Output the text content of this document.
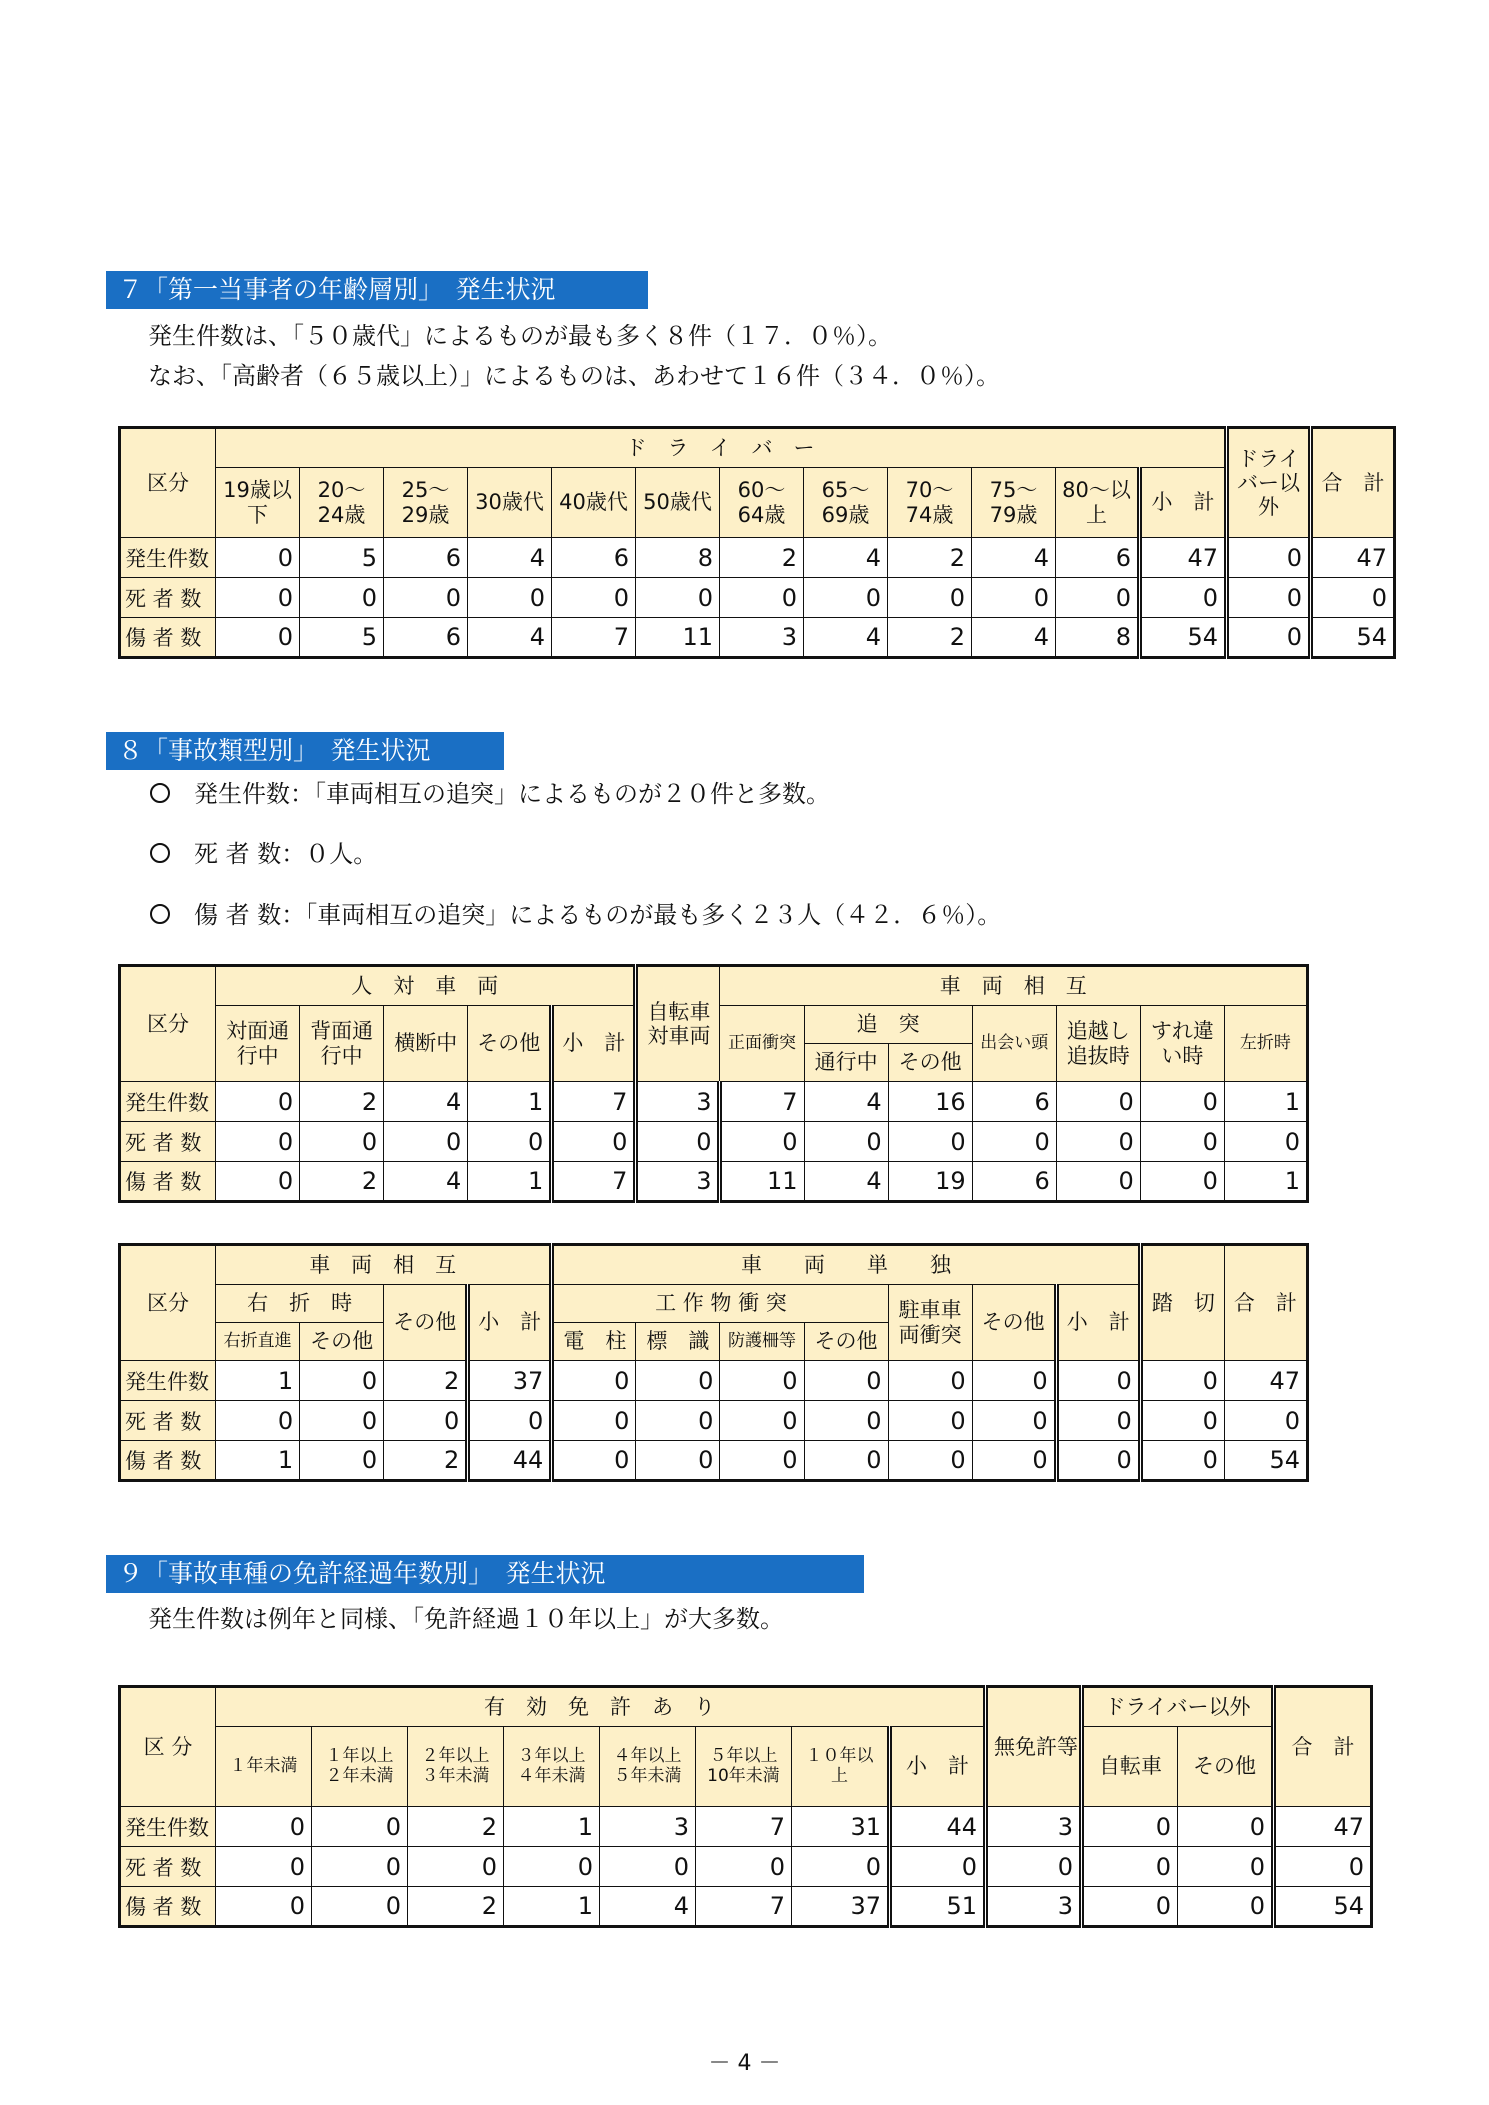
７「第一当事者の年齢層別」　発生状況
発生件数は、「５０歳代」によるものが最も多く８件（１７．０％）。
なお、「高齢者（６５歳以上）」によるものは、あわせて１６件（３４．０％）。
区分	ド　ラ　イ　バ　ー												ドライバー以外	合　計
	19歳以下	20～24歳	25～29歳	30歳代	40歳代	50歳代	60～64歳	65～69歳	70～74歳	75～79歳	80～以上	小　計		
発生件数	0	5	6	4	6	8	2	4	2	4	6	47	0	47
死 者 数	0	0	0	0	0	0	0	0	0	0	0	0	0	0
傷 者 数	0	5	6	4	7	11	3	4	2	4	8	54	0	54
８「事故類型別」　発生状況
発生件数：「車両相互の追突」によるものが２０件と多数。
死 者 数：０人。
傷 者 数：「車両相互の追突」によるものが最も多く２３人（４２．６％）。
区分	人　対　車　両					自転車対車両	車　両　相　互						
	対面通行中	背面通行中	横断中	その他	小　計		正面衝突	追　突		出会い頭	追越し追抜時	すれ違い時	左折時
								通行中	その他				
発生件数	0	2	4	1	7	3	7	4	16	6	0	0	1
死 者 数	0	0	0	0	0	0	0	0	0	0	0	0	0
傷 者 数	0	2	4	1	7	3	11	4	19	6	0	0	1
区分	車　両　相　互				車　　両　　単　　独							踏　切	合　計
	右　折　時		その他	小　計	工 作 物 衝 突				駐車車両衝突	その他	小　計		
	右折直進	その他			電　柱	標　識	防護柵等	その他					
発生件数	1	0	2	37	0	0	0	0	0	0	0	0	47
死 者 数	0	0	0	0	0	0	0	0	0	0	0	0	0
傷 者 数	1	0	2	44	0	0	0	0	0	0	0	0	54
９「事故車種の免許経過年数別」　発生状況
発生件数は例年と同様、「免許経過１０年以上」が大多数。
区 分	有　効　免　許　あ　り								無免許等	ドライバー以外		合　計
	１年未満	１年以上２年未満	２年以上３年未満	３年以上４年未満	４年以上５年未満	５年以上10年未満	１０年以上	小　計		自転車	その他	
発生件数	0	0	2	1	3	7	31	44	3	0	0	47
死 者 数	0	0	0	0	0	0	0	0	0	0	0	0
傷 者 数	0	0	2	1	4	7	37	51	3	0	0	54
－ 4 －
